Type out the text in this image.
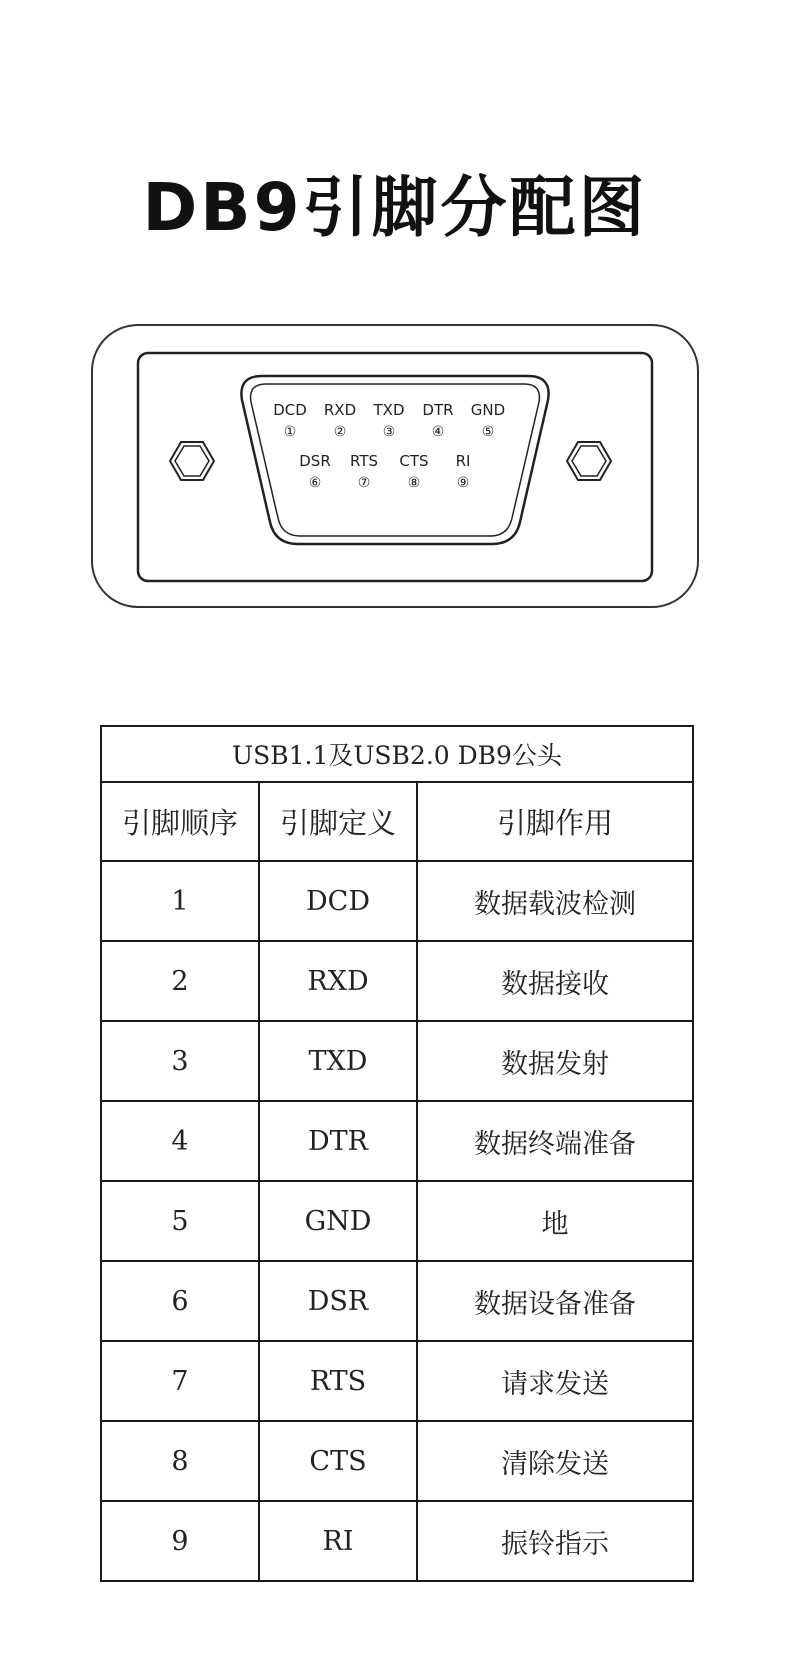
DB9引脚分配图
DCD
①
RXD
②
TXD
③
DTR
④
GND
⑤
DSR
⑥
RTS
⑦
CTS
⑧
RI
⑨
USB1.1及USB2.0 DB9公头		
引脚顺序	引脚定义	引脚作用
1	DCD	数据载波检测
2	RXD	数据接收
3	TXD	数据发射
4	DTR	数据终端准备
5	GND	地
6	DSR	数据设备准备
7	RTS	请求发送
8	CTS	清除发送
9	RI	振铃指示
